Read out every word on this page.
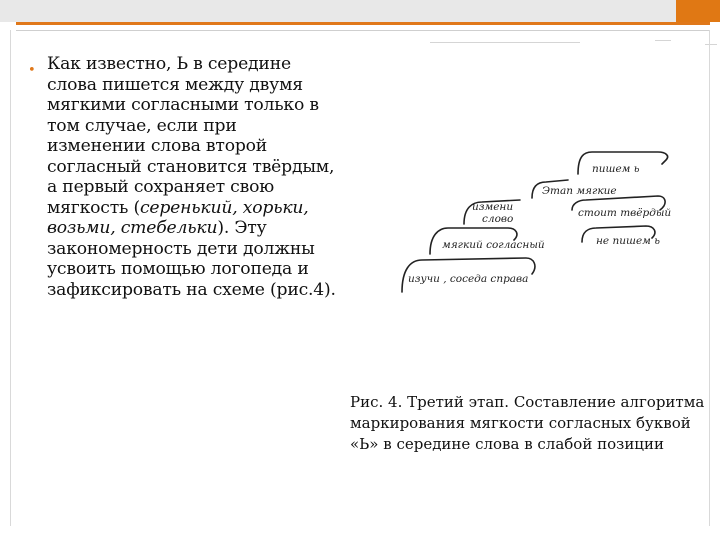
• Как известно, Ь в середине слова пишется между двумя мягкими согласными только в том случае, если при изменении слова второй согласный становится твёрдым, а первый сохраняет свою мягкость (серенький, хорьки, возьми, стебельки). Эту закономерность дети должны усвоить помощью логопеда и зафиксировать на схеме (рис.4).
пишем ь
Этап мягкие
стоит твёрдый
измени
слово
не пишем ь
мягкий согласный
изучи , соседа справа
Рис. 4. Третий этап. Составление алгоритма маркирования мягкости согласных буквой «Ь» в середине слова в слабой позиции
